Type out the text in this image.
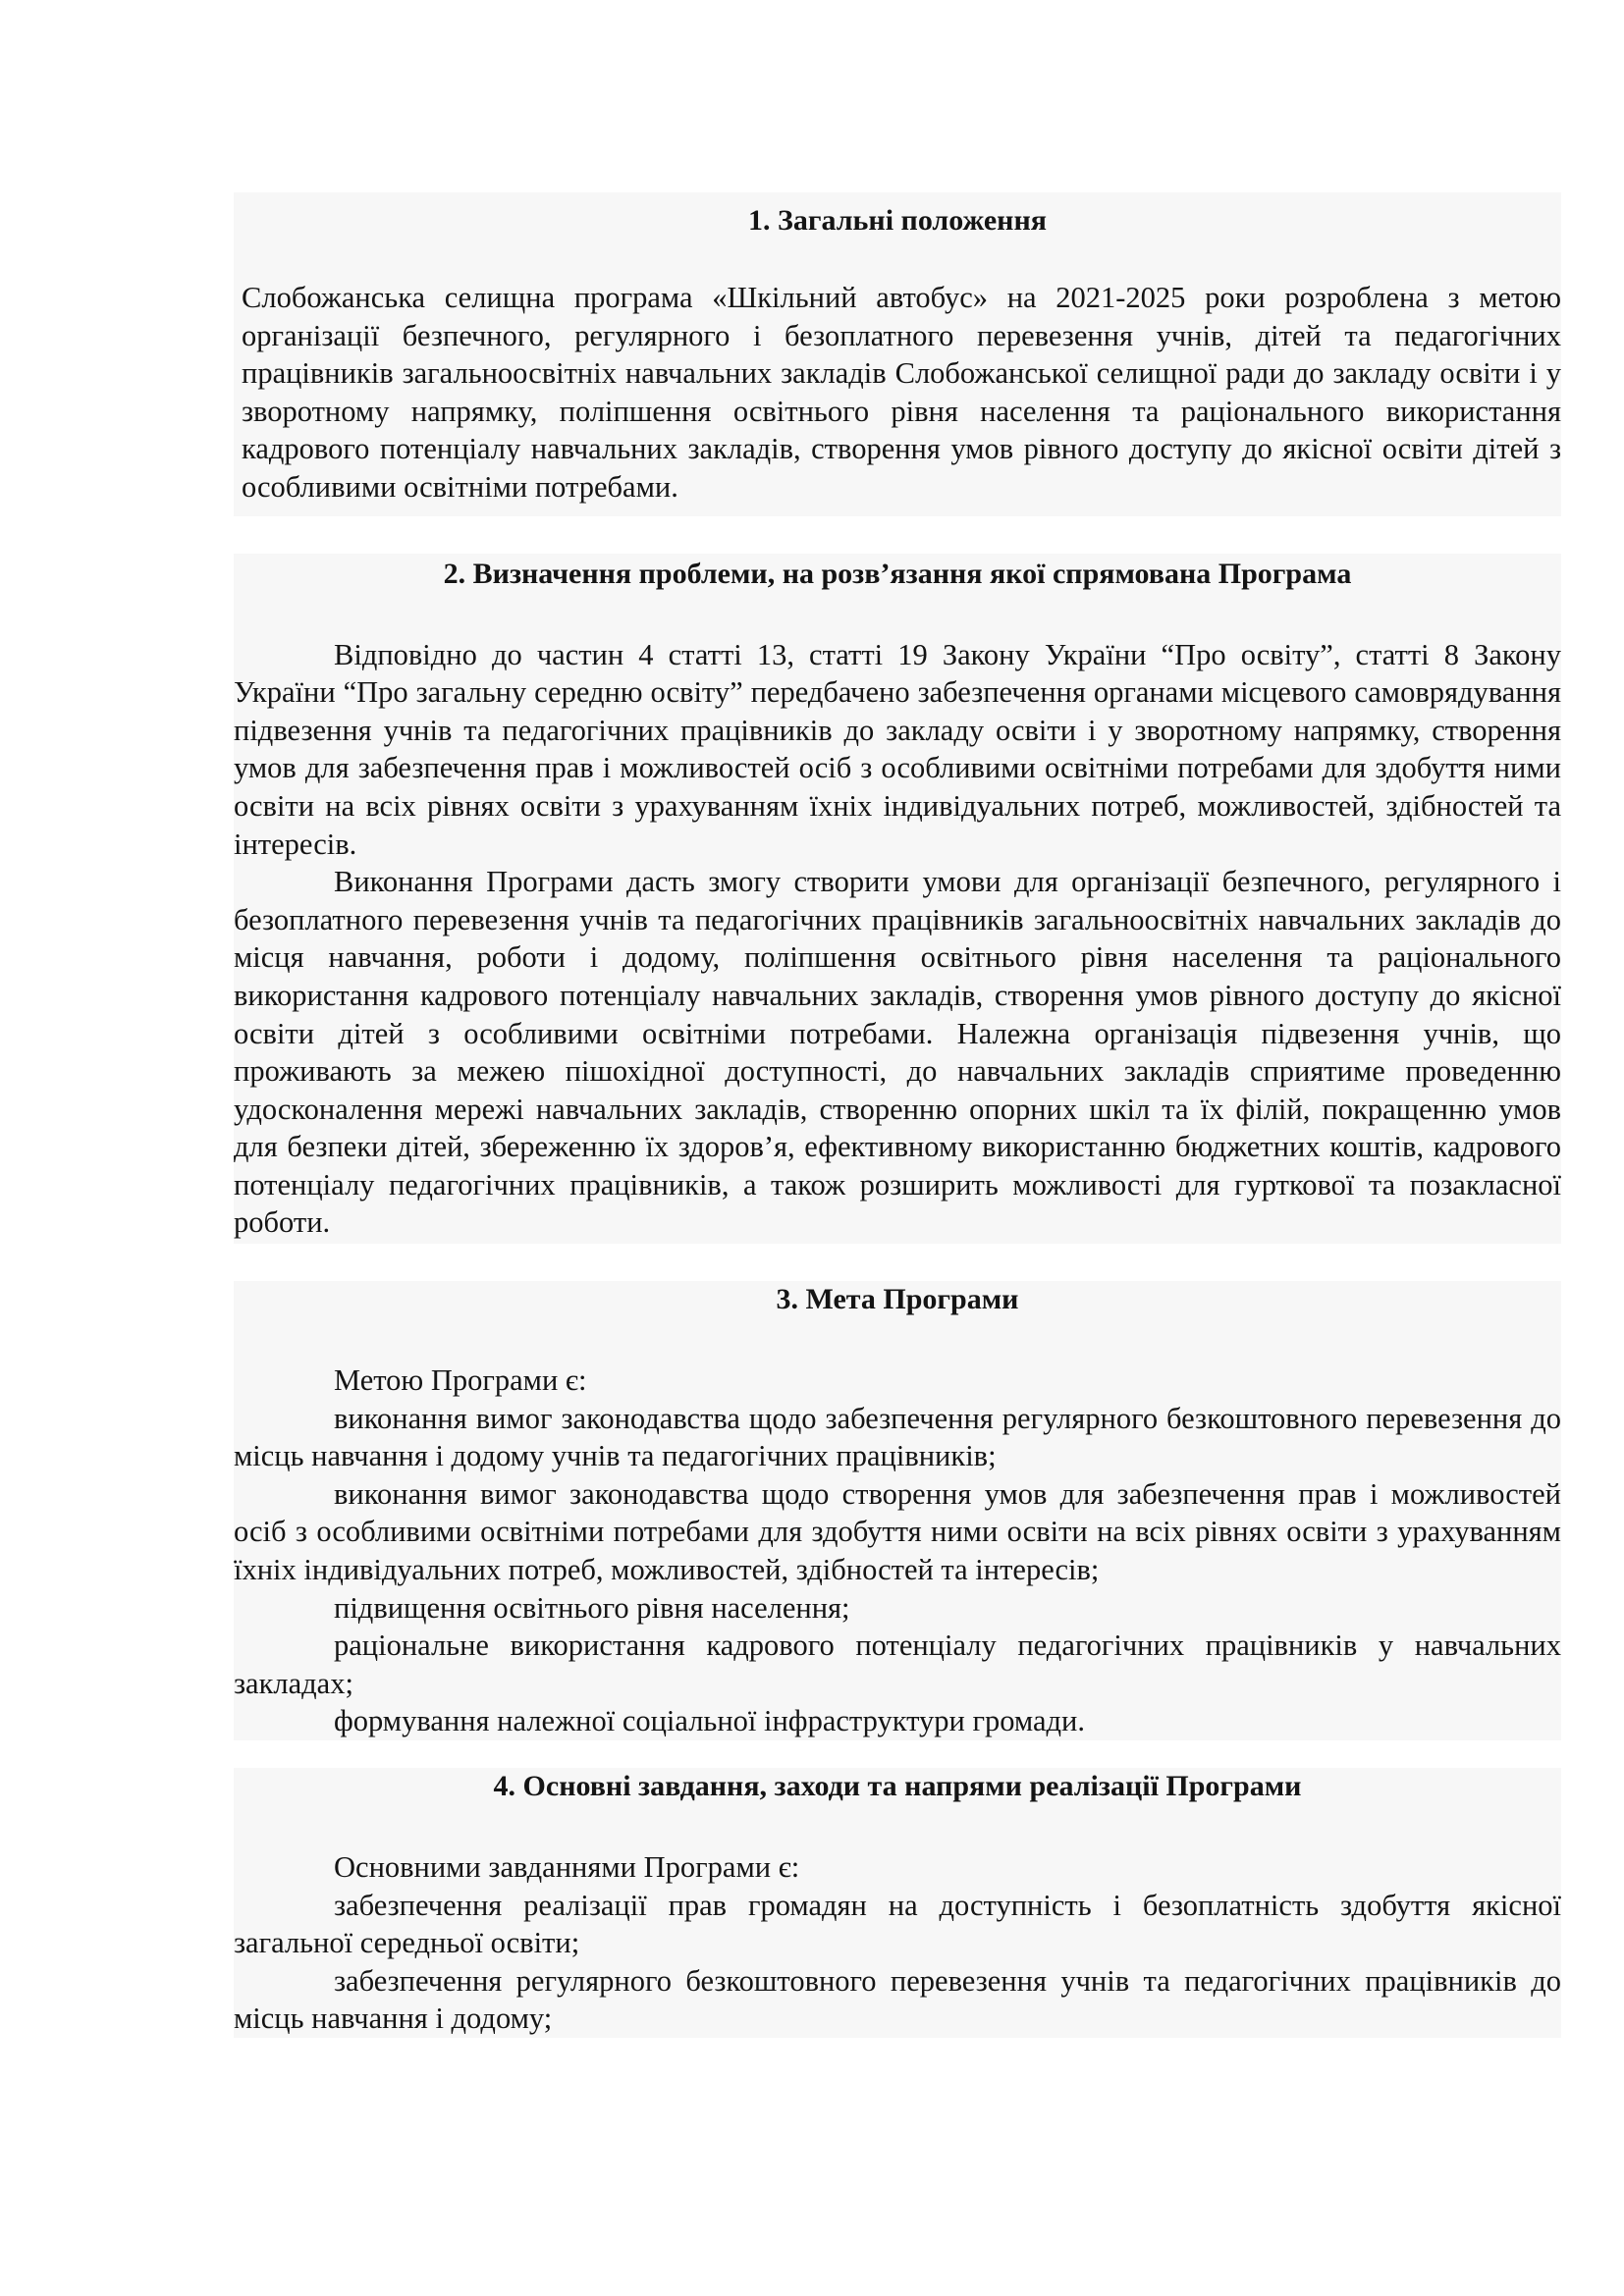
1. Загальні положення

Слобожанська селищна програма «Шкільний автобус» на 2021-2025 роки розроблена з метою організації безпечного, регулярного і безоплатного перевезення учнів, дітей та педагогічних працівників загальноосвітніх навчальних закладів Слобожанської селищної ради до закладу освіти і у зворотному напрямку, поліпшення освітнього рівня населення та раціонального використання кадрового потенціалу навчальних закладів, створення умов рівного доступу до якісної освіти дітей з особливими освітніми потребами.

2. Визначення проблеми, на розв’язання якої спрямована Програма

Відповідно до частин 4 статті 13, статті 19 Закону України “Про освіту”, статті 8 Закону України “Про загальну середню освіту” передбачено забезпечення органами місцевого самоврядування підвезення учнів та педагогічних працівників до закладу освіти і у зворотному напрямку, створення умов для забезпечення прав і можливостей осіб з особливими освітніми потребами для здобуття ними освіти на всіх рівнях освіти з урахуванням їхніх індивідуальних потреб, можливостей, здібностей та інтересів.

Виконання Програми дасть змогу створити умови для організації безпечного, регулярного і безоплатного перевезення учнів та педагогічних працівників загальноосвітніх навчальних закладів до місця навчання, роботи і додому, поліпшення освітнього рівня населення та раціонального використання кадрового потенціалу навчальних закладів, створення умов рівного доступу до якісної освіти дітей з особливими освітніми потребами. Належна організація підвезення учнів, що проживають за межею пішохідної доступності, до навчальних закладів сприятиме проведенню удосконалення мережі навчальних закладів, створенню опорних шкіл та їх філій, покращенню умов для безпеки дітей, збереженню їх здоров’я, ефективному використанню бюджетних коштів, кадрового потенціалу педагогічних працівників, а також розширить можливості для гурткової та позакласної роботи.

3. Мета Програми

Метою Програми є:

виконання вимог законодавства щодо забезпечення регулярного безкоштовного перевезення до місць навчання і додому учнів та педагогічних працівників;

виконання вимог законодавства щодо створення умов для забезпечення прав і можливостей осіб з особливими освітніми потребами для здобуття ними освіти на всіх рівнях освіти з урахуванням їхніх індивідуальних потреб, можливостей, здібностей та інтересів;

підвищення освітнього рівня населення;

раціональне використання кадрового потенціалу педагогічних працівників у навчальних закладах;

формування належної соціальної інфраструктури громади.

4. Основні завдання, заходи та напрями реалізації Програми

Основними завданнями Програми є:

забезпечення реалізації прав громадян на доступність і безоплатність здобуття якісної загальної середньої освіти;

забезпечення регулярного безкоштовного перевезення учнів та педагогічних працівників до місць навчання і додому;
